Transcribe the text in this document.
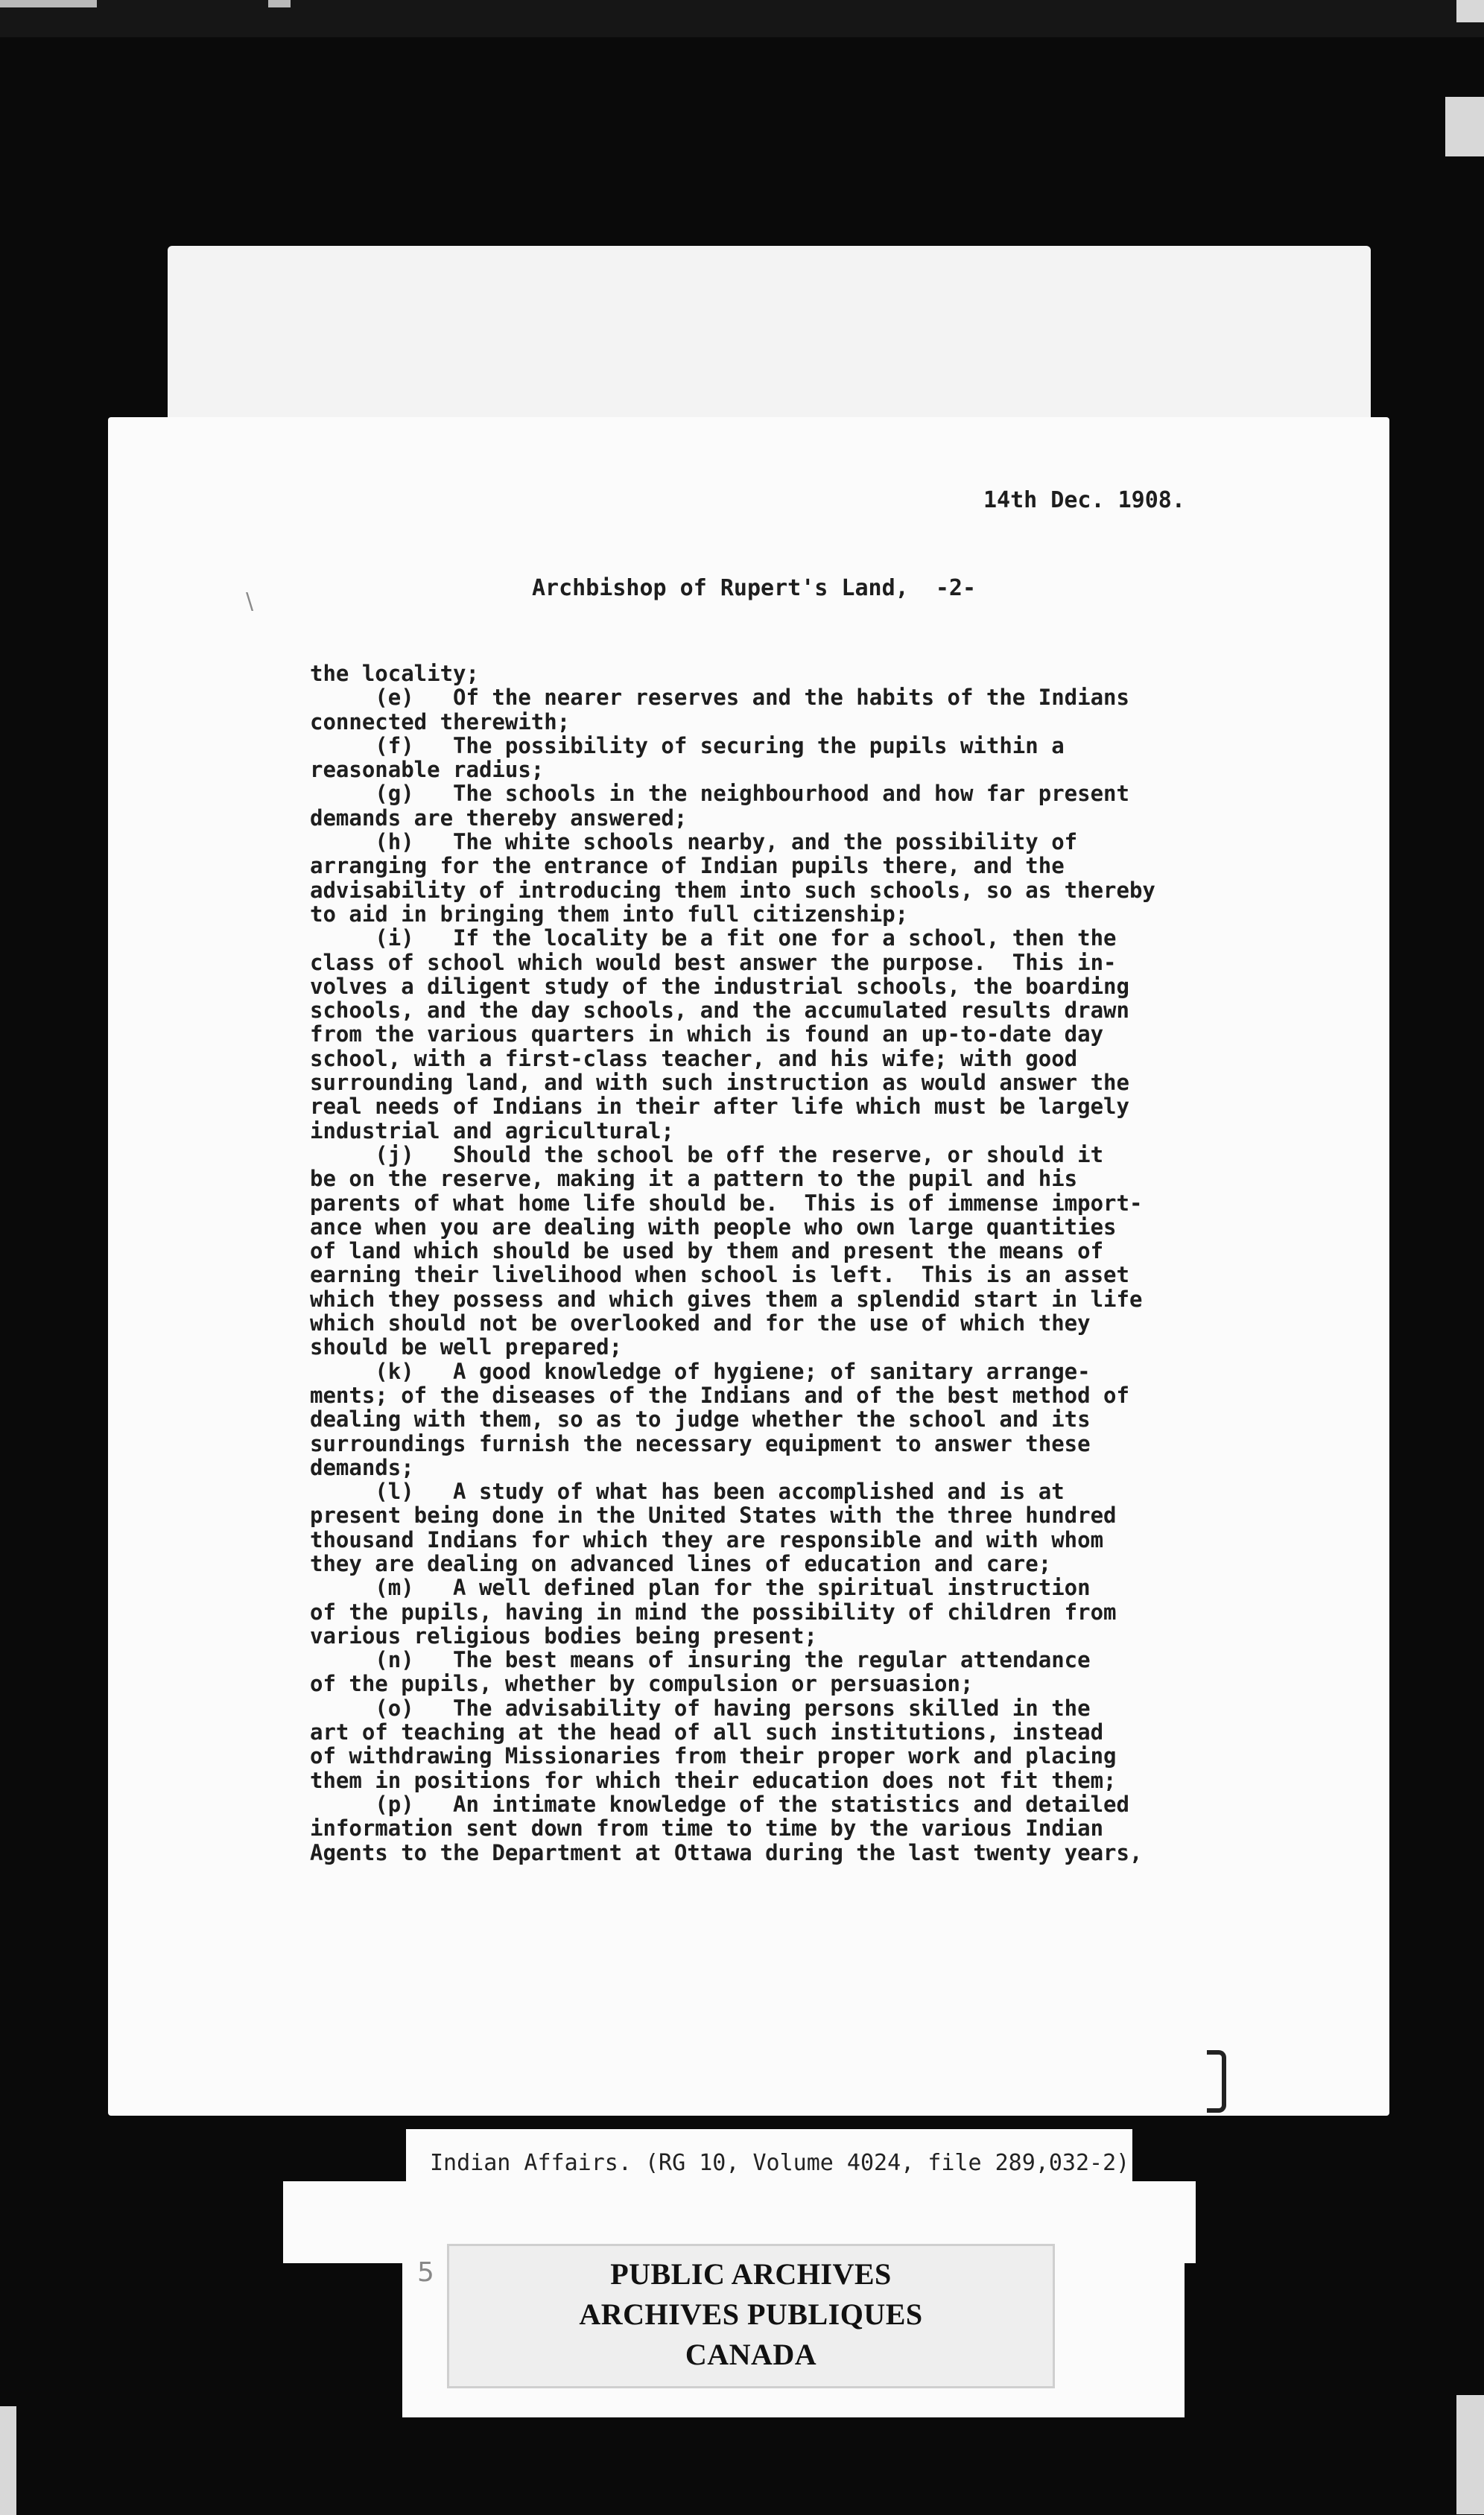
\
14th Dec. 1908.
Archbishop of Rupert's Land,  -2-
the locality;
(e)   Of the nearer reserves and the habits of the Indians
connected therewith;
(f)   The possibility of securing the pupils within a
reasonable radius;
(g)   The schools in the neighbourhood and how far present
demands are thereby answered;
(h)   The white schools nearby, and the possibility of
arranging for the entrance of Indian pupils there, and the
advisability of introducing them into such schools, so as thereby
to aid in bringing them into full citizenship;
(i)   If the locality be a fit one for a school, then the
class of school which would best answer the purpose.  This in-
volves a diligent study of the industrial schools, the boarding
schools, and the day schools, and the accumulated results drawn
from the various quarters in which is found an up-to-date day
school, with a first-class teacher, and his wife; with good
surrounding land, and with such instruction as would answer the
real needs of Indians in their after life which must be largely
industrial and agricultural;
(j)   Should the school be off the reserve, or should it
be on the reserve, making it a pattern to the pupil and his
parents of what home life should be.  This is of immense import-
ance when you are dealing with people who own large quantities
of land which should be used by them and present the means of
earning their livelihood when school is left.  This is an asset
which they possess and which gives them a splendid start in life
which should not be overlooked and for the use of which they
should be well prepared;
(k)   A good knowledge of hygiene; of sanitary arrange-
ments; of the diseases of the Indians and of the best method of
dealing with them, so as to judge whether the school and its
surroundings furnish the necessary equipment to answer these
demands;
(l)   A study of what has been accomplished and is at
present being done in the United States with the three hundred
thousand Indians for which they are responsible and with whom
they are dealing on advanced lines of education and care;
(m)   A well defined plan for the spiritual instruction
of the pupils, having in mind the possibility of children from
various religious bodies being present;
(n)   The best means of insuring the regular attendance
of the pupils, whether by compulsion or persuasion;
(o)   The advisability of having persons skilled in the
art of teaching at the head of all such institutions, instead
of withdrawing Missionaries from their proper work and placing
them in positions for which their education does not fit them;
(p)   An intimate knowledge of the statistics and detailed
information sent down from time to time by the various Indian
Agents to the Department at Ottawa during the last twenty years,
Indian Affairs. (RG 10, Volume 4024, file 289,032-2)
5	PUBLIC ARCHIVES
ARCHIVES PUBLIQUES
CANADA
